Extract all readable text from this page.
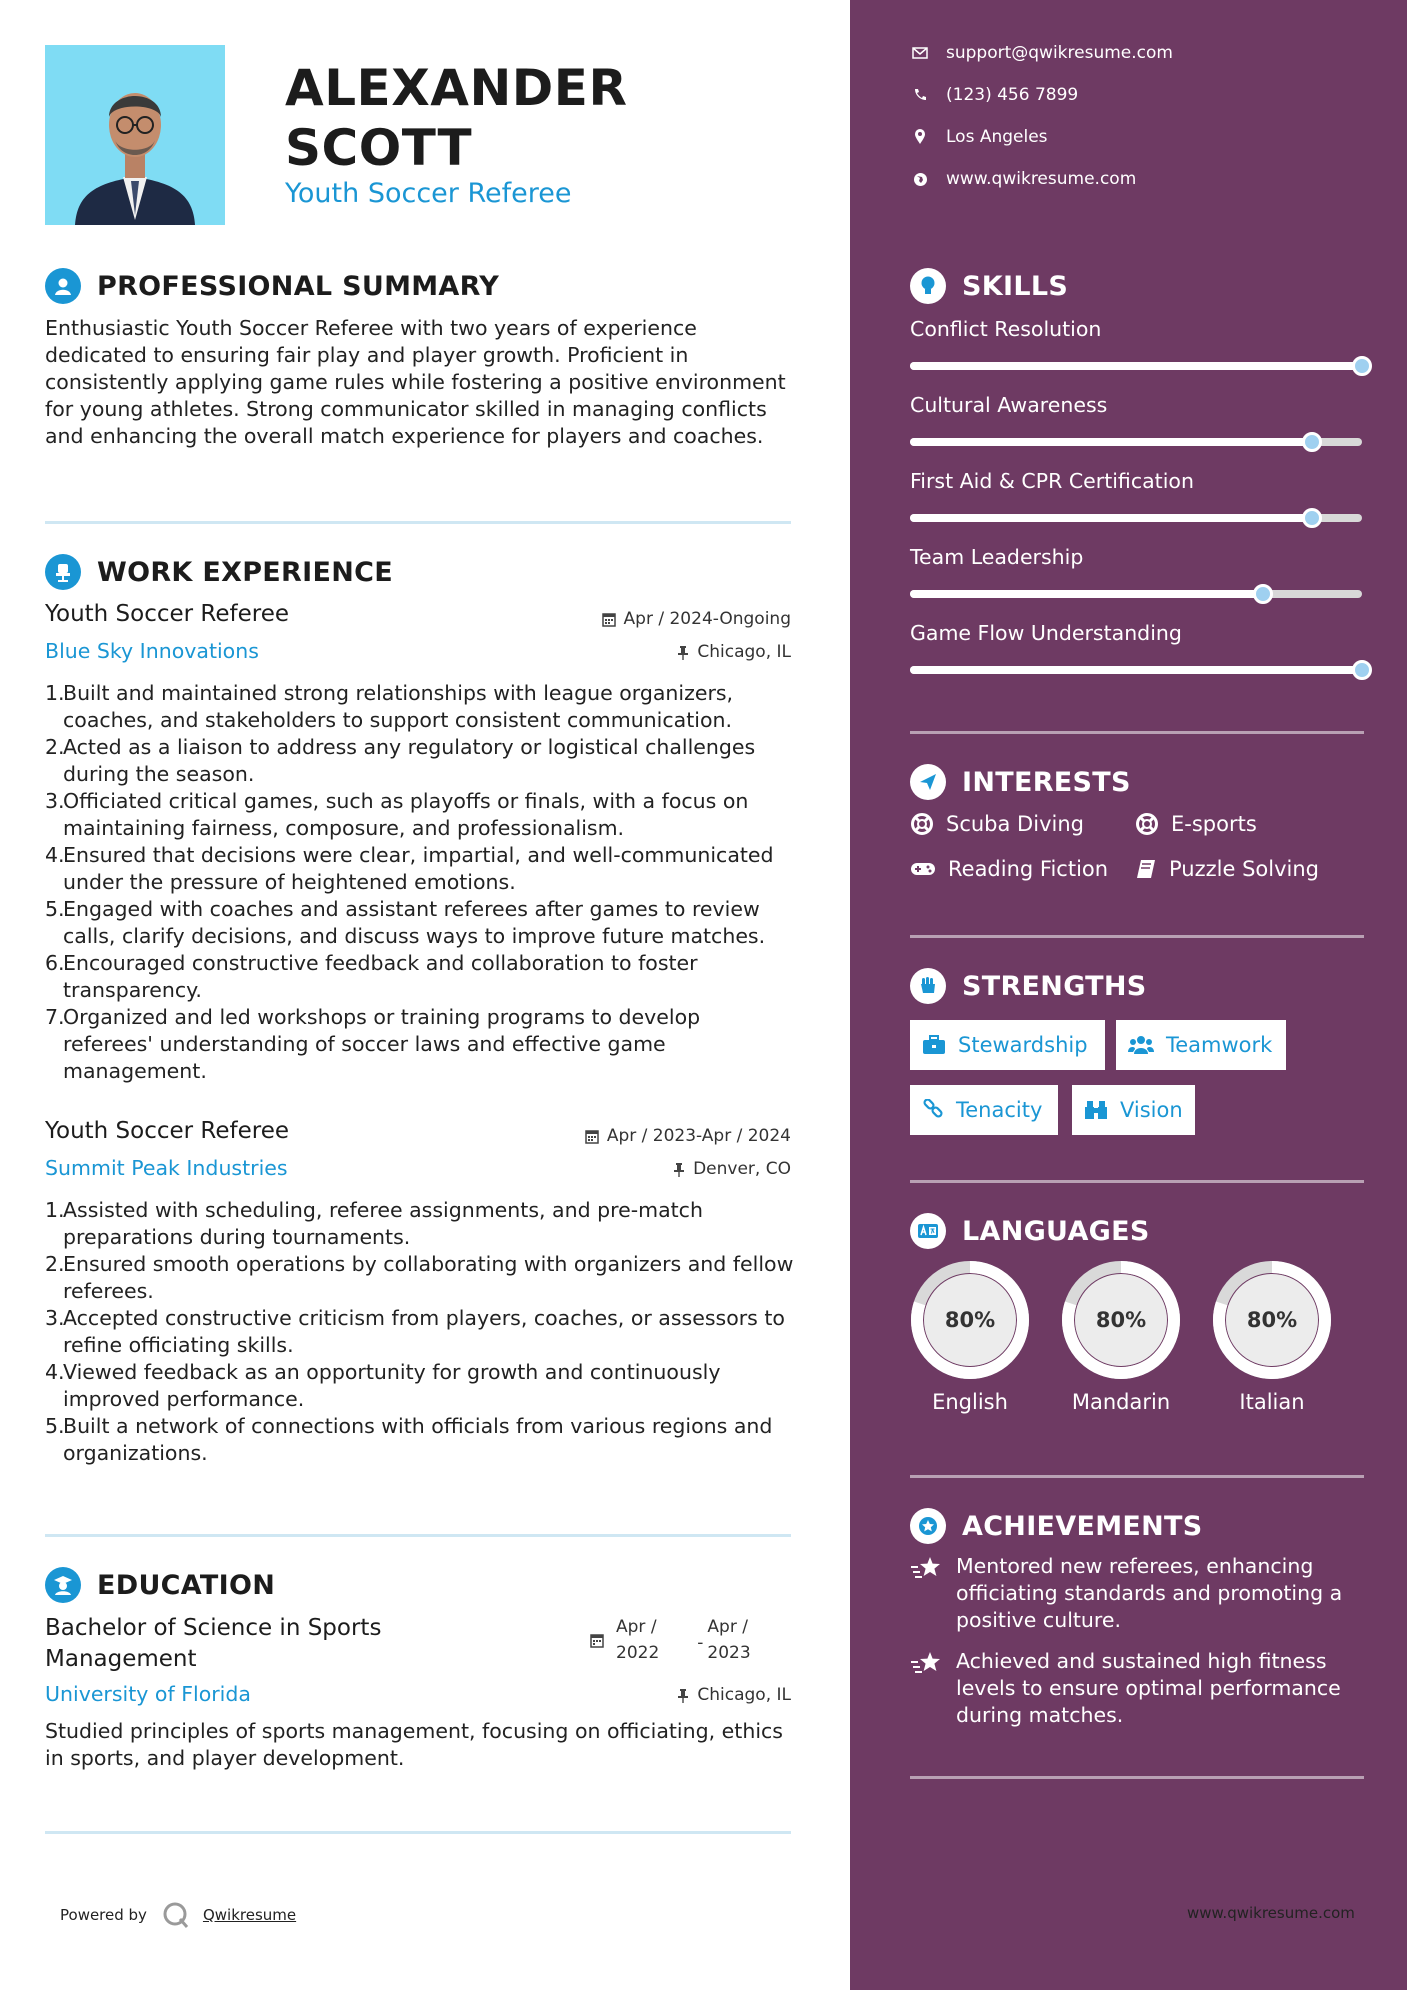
ALEXANDER
SCOTT
Youth Soccer Referee
PROFESSIONAL SUMMARY
Enthusiastic Youth Soccer Referee with two years of experience dedicated to ensuring fair play and player growth. Proficient in consistently applying game rules while fostering a positive environment for young athletes. Strong communicator skilled in managing conflicts and enhancing the overall match experience for players and coaches.
WORK EXPERIENCE
Youth Soccer Referee	Apr / 2024-Ongoing
Blue Sky Innovations	Chicago, IL
1.
Built and maintained strong relationships with league organizers, coaches, and stakeholders to support consistent communication.
2.
Acted as a liaison to address any regulatory or logistical challenges during the season.
3.
Officiated critical games, such as playoffs or finals, with a focus on maintaining fairness, composure, and professionalism.
4.
Ensured that decisions were clear, impartial, and well-communicated under the pressure of heightened emotions.
5.
Engaged with coaches and assistant referees after games to review calls, clarify decisions, and discuss ways to improve future matches.
6.
Encouraged constructive feedback and collaboration to foster transparency.
7.
Organized and led workshops or training programs to develop referees' understanding of soccer laws and effective game management.
Youth Soccer Referee	Apr / 2023-Apr / 2024
Summit Peak Industries	Denver, CO
1.
Assisted with scheduling, referee assignments, and pre-match preparations during tournaments.
2.
Ensured smooth operations by collaborating with organizers and fellow referees.
3.
Accepted constructive criticism from players, coaches, or assessors to refine officiating skills.
4.
Viewed feedback as an opportunity for growth and continuously improved performance.
5.
Built a network of connections with officials from various regions and organizations.
EDUCATION
Bachelor of Science in Sports
Management
Apr /
2022 -
Apr /
2023
University of Florida	Chicago, IL
Studied principles of sports management, focusing on officiating, ethics in sports, and player development.
Powered by	Qwikresume
support@qwikresume.com
(123) 456 7899
Los Angeles
www.qwikresume.com
SKILLS
Conflict Resolution
Cultural Awareness
First Aid & CPR Certification
Team Leadership
Game Flow Understanding
INTERESTS
Scuba Diving	E-sports
Reading Fiction	Puzzle Solving
STRENGTHS
Stewardship	Teamwork
Tenacity	Vision
LANGUAGES
80%
English
80%
Mandarin
80%
Italian
ACHIEVEMENTS
Mentored new referees, enhancing officiating standards and promoting a positive culture.
Achieved and sustained high fitness levels to ensure optimal performance during matches.
www.qwikresume.com
